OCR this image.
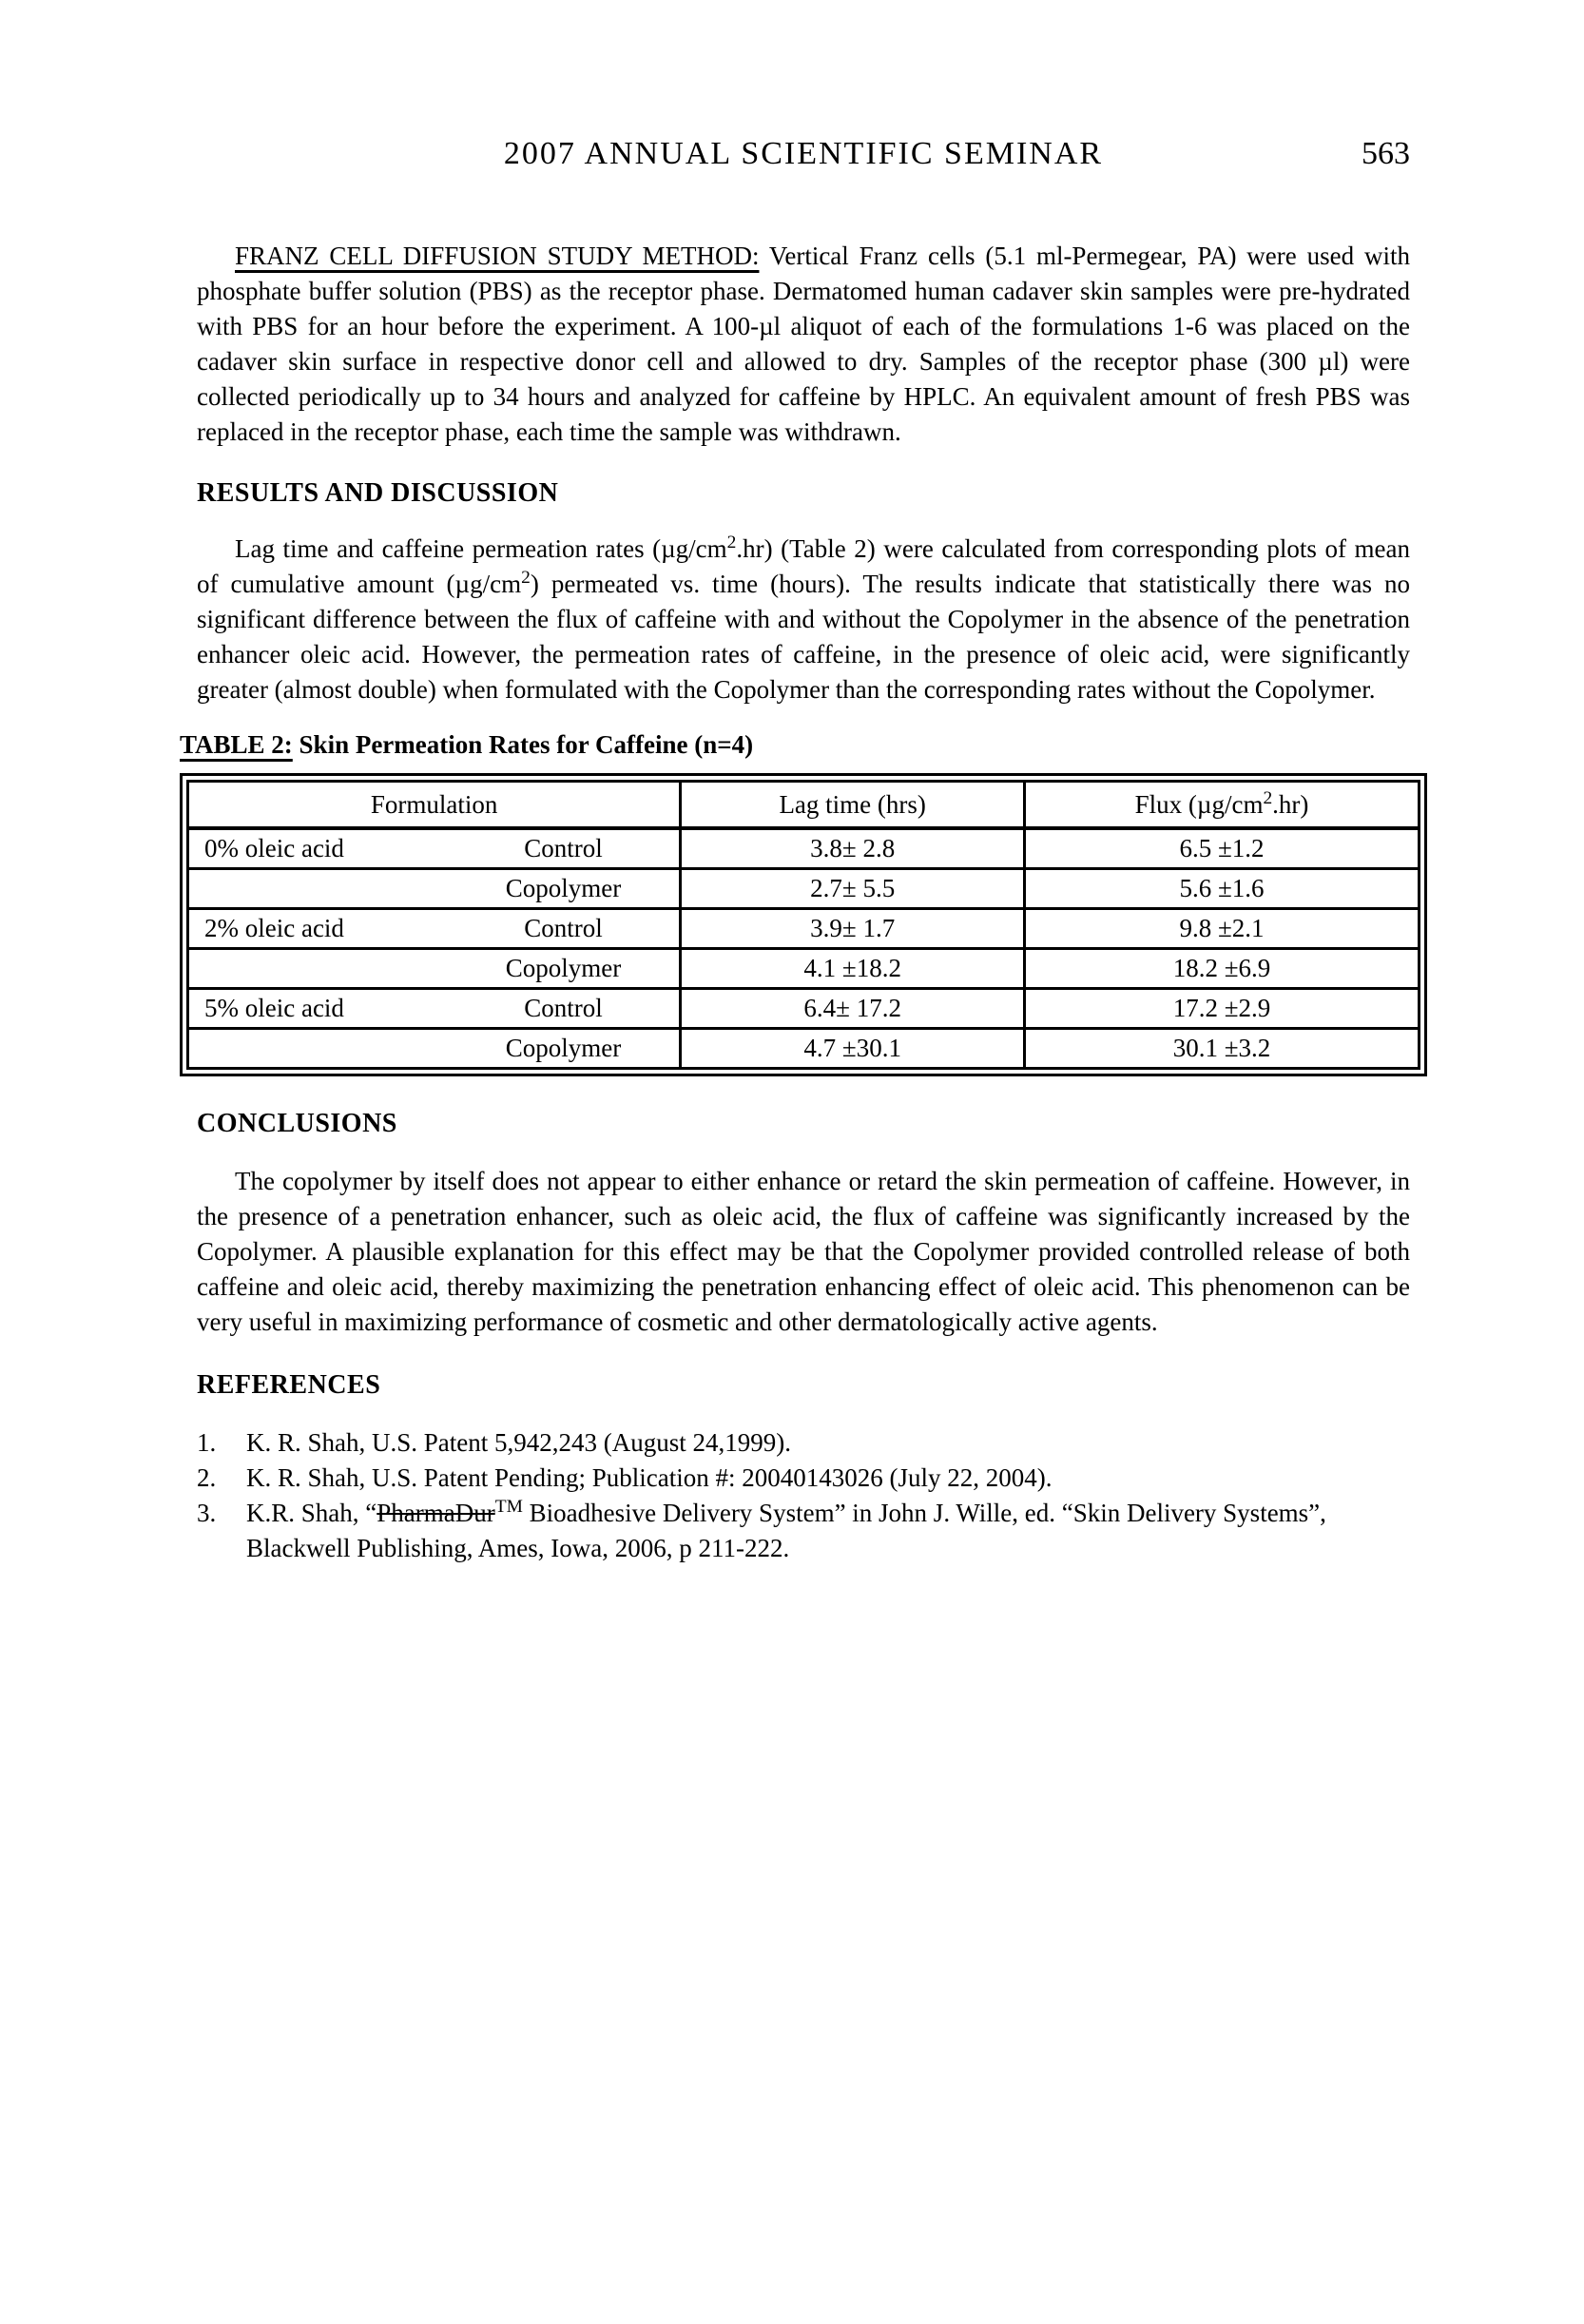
2007 ANNUAL SCIENTIFIC SEMINAR	563

FRANZ CELL DIFFUSION STUDY METHOD: Vertical Franz cells (5.1 ml-Permegear, PA) were used with phosphate buffer solution (PBS) as the receptor phase. Dermatomed human cadaver skin samples were pre-hydrated with PBS for an hour before the experiment. A 100-µl aliquot of each of the formulations 1-6 was placed on the cadaver skin surface in respective donor cell and allowed to dry. Samples of the receptor phase (300 µl) were collected periodically up to 34 hours and analyzed for caffeine by HPLC. An equivalent amount of fresh PBS was replaced in the receptor phase, each time the sample was withdrawn.

RESULTS AND DISCUSSION

Lag time and caffeine permeation rates $(\mu g/cm^2.hr)$ (Table 2) were calculated from corresponding plots of mean of cumulative amount $(\mu g/cm^2)$ permeated vs. time (hours). The results indicate that statistically there was no significant difference between the flux of caffeine with and without the Copolymer in the absence of the penetration enhancer oleic acid. However, the permeation rates of caffeine, in the presence of oleic acid, were significantly greater (almost double) when formulated with the Copolymer than the corresponding rates without the Copolymer.

TABLE 2: Skin Permeation Rates for Caffeine (n=4)
Formulation	Lag time (hrs)	Flux $(\mu g/cm^2.hr)$

0% oleic acid Control	3.8± 2.8	6.5 ±1.2

Copolymer	2.7± 5.5	5.6 ±1.6

2% oleic acid Control	3.9± 1.7	9.8 ±2.1

Copolymer	4.1 ±18.2	18.2 ±6.9

5% oleic acid Control	6.4± 17.2	17.2 ±2.9

Copolymer	4.7 ±30.1	30.1 ±3.2
CONCLUSIONS

The copolymer by itself does not appear to either enhance or retard the skin permeation of caffeine. However, in the presence of a penetration enhancer, such as oleic acid, the flux of caffeine was significantly increased by the Copolymer. A plausible explanation for this effect may be that the Copolymer provided controlled release of both caffeine and oleic acid, thereby maximizing the penetration enhancing effect of oleic acid. This phenomenon can be very useful in maximizing performance of cosmetic and other dermatologically active agents.

REFERENCES
1.	K. R. Shah, U.S. Patent 5,942,243 (August 24,1999).
2.	K. R. Shah, U.S. Patent Pending; Publication #: 20040143026 (July 22, 2004).
3.	K.R. Shah, “PharmaDur™ Bioadhesive Delivery System” in John J. Wille, ed. “Skin Delivery Systems”, Blackwell Publishing, Ames, Iowa, 2006, p 211-222.
